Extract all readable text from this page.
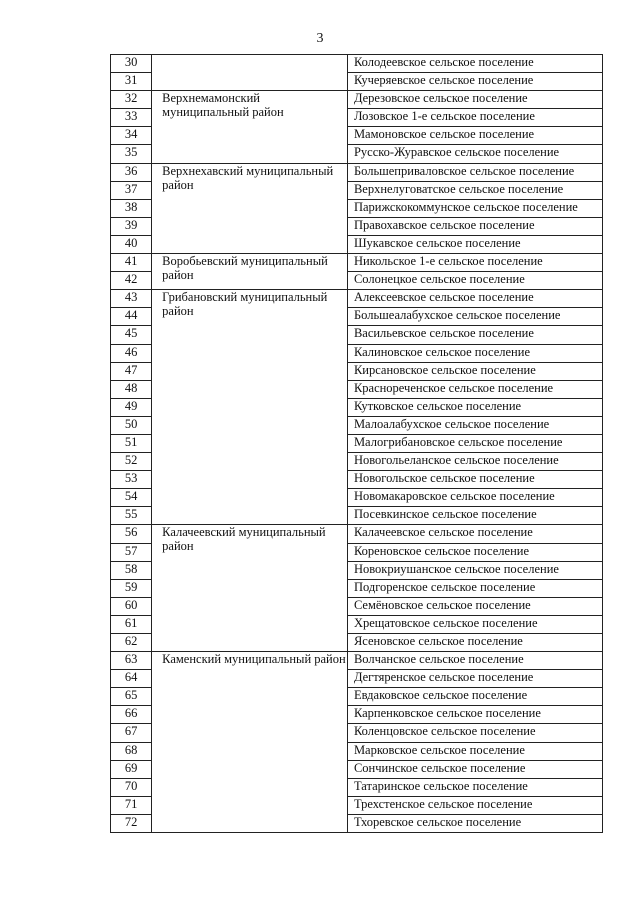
3
30		Колодеевское сельское поселение
31		Кучеряевское сельское поселение
32	Верхнемамонский муниципальный район	Дерезовское сельское поселение
33		Лозовское 1-е сельское поселение
34		Мамоновское сельское поселение
35		Русско-Журавское сельское поселение
36	Верхнехавский муниципальный район	Большеприваловское сельское поселение
37		Верхнелуговатское сельское поселение
38		Парижскокоммунское сельское поселение
39		Правохавское сельское поселение
40		Шукавское сельское поселение
41	Воробьевский муниципальный район	Никольское 1-е сельское поселение
42		Солонецкое сельское поселение
43	Грибановский муниципальный район	Алексеевское сельское поселение
44		Большеалабухское сельское поселение
45		Васильевское сельское поселение
46		Калиновское сельское поселение
47		Кирсановское сельское поселение
48		Краснореченское сельское поселение
49		Кутковское сельское поселение
50		Малоалабухское сельское поселение
51		Малогрибановское сельское поселение
52		Новогольеланское сельское поселение
53		Новогольское сельское поселение
54		Новомакаровское сельское поселение
55		Посевкинское сельское поселение
56	Калачеевский муниципальный район	Калачеевское сельское поселение
57		Кореновское сельское поселение
58		Новокриушанское сельское поселение
59		Подгоренское сельское поселение
60		Семёновское сельское поселение
61		Хрещатовское сельское поселение
62		Ясеновское сельское поселение
63	Каменский муниципальный район	Волчанское сельское поселение
64		Дегтяренское сельское поселение
65		Евдаковское сельское поселение
66		Карпенковское сельское поселение
67		Коленцовское сельское поселение
68		Марковское сельское поселение
69		Сончинское сельское поселение
70		Татаринское сельское поселение
71		Трехстенское сельское поселение
72		Тхоревское сельское поселение
